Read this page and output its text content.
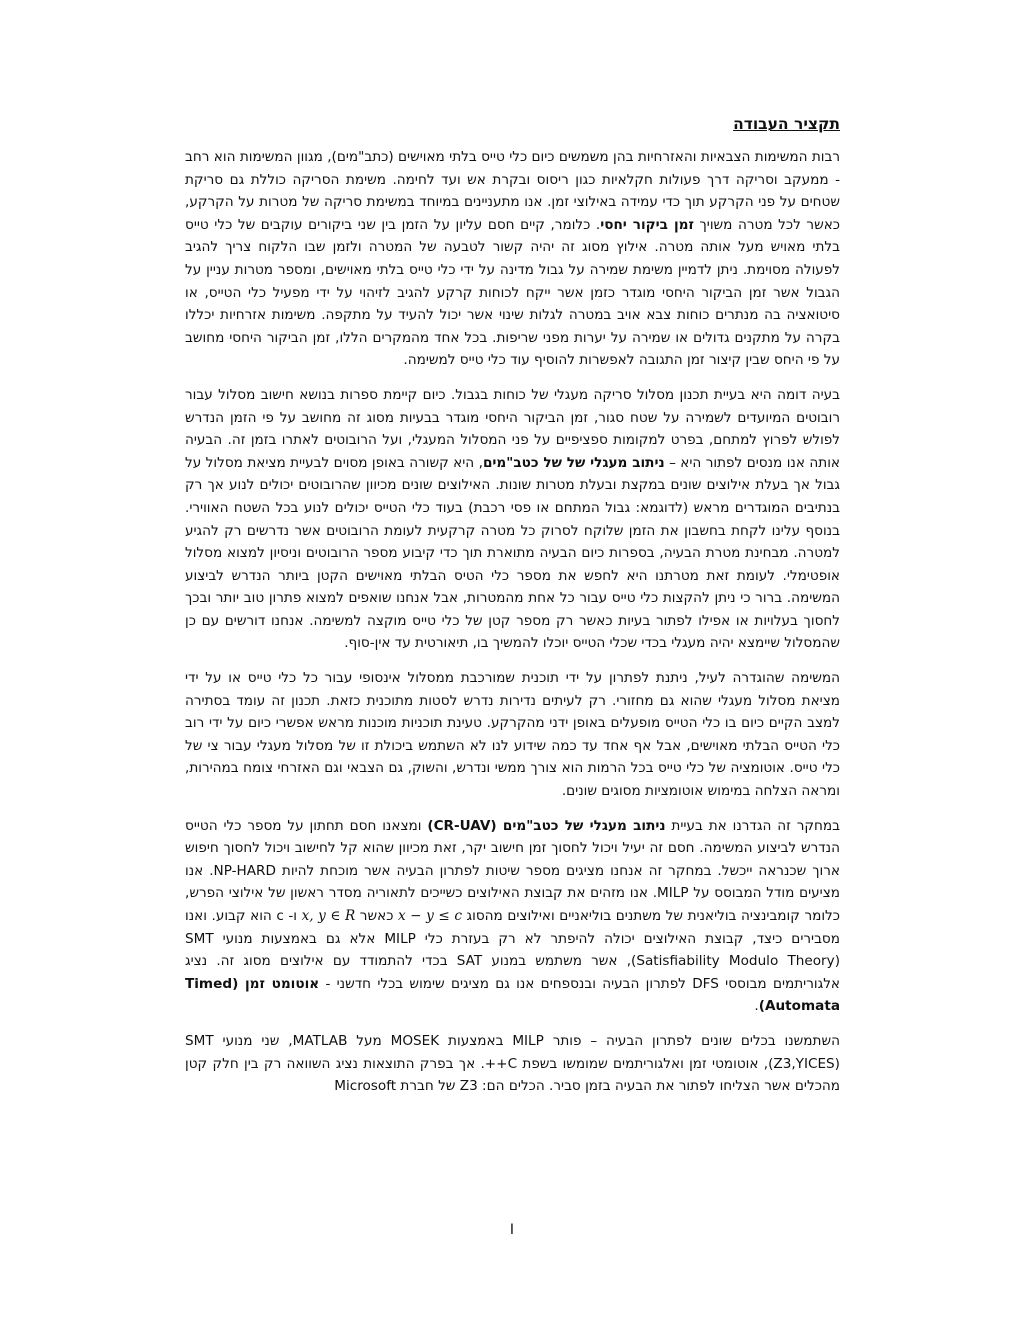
תקציר העבודה

רבות המשימות הצבאיות והאזרחיות בהן משמשים כיום כלי טייס בלתי מאוישים (כתב"מים), מגוון המשימות הוא רחב - ממעקב וסריקה דרך פעולות חקלאיות כגון ריסוס ובקרת אש ועד לחימה. משימת הסריקה כוללת גם סריקת שטחים על פני הקרקע תוך כדי עמידה באילוצי זמן. אנו מתעניינים במיוחד במשימת סריקה של מטרות על הקרקע, כאשר לכל מטרה משויך זמן ביקור יחסי. כלומר, קיים חסם עליון על הזמן בין שני ביקורים עוקבים של כלי טייס בלתי מאויש מעל אותה מטרה. אילוץ מסוג זה יהיה קשור לטבעה של המטרה ולזמן שבו הלקוח צריך להגיב לפעולה מסוימת. ניתן לדמיין משימת שמירה על גבול מדינה על ידי כלי טייס בלתי מאוישים, ומספר מטרות עניין על הגבול אשר זמן הביקור היחסי מוגדר כזמן אשר ייקח לכוחות קרקע להגיב לזיהוי על ידי מפעיל כלי הטייס, או סיטואציה בה מנתרים כוחות צבא אויב במטרה לגלות שינוי אשר יכול להעיד על מתקפה. משימות אזרחיות יכללו בקרה על מתקנים גדולים או שמירה על יערות מפני שריפות. בכל אחד מהמקרים הללו, זמן הביקור היחסי מחושב על פי היחס שבין קיצור זמן התגובה לאפשרות להוסיף עוד כלי טייס למשימה.

בעיה דומה היא בעיית תכנון מסלול סריקה מעגלי של כוחות בגבול. כיום קיימת ספרות בנושא חישוב מסלול עבור רובוטים המיועדים לשמירה על שטח סגור, זמן הביקור היחסי מוגדר בבעיות מסוג זה מחושב על פי הזמן הנדרש לפולש לפרוץ למתחם, בפרט למקומות ספציפיים על פני המסלול המעגלי, ועל הרובוטים לאתרו בזמן זה. הבעיה אותה אנו מנסים לפתור היא – ניתוב מעגלי של של כטב"מים, היא קשורה באופן מסוים לבעיית מציאת מסלול על גבול אך בעלת אילוצים שונים במקצת ובעלת מטרות שונות. האילוצים שונים מכיוון שהרובוטים יכולים לנוע אך רק בנתיבים המוגדרים מראש (לדוגמא: גבול המתחם או פסי רכבת) בעוד כלי הטייס יכולים לנוע בכל השטח האווירי. בנוסף עלינו לקחת בחשבון את הזמן שלוקח לסרוק כל מטרה קרקעית לעומת הרובוטים אשר נדרשים רק להגיע למטרה. מבחינת מטרת הבעיה, בספרות כיום הבעיה מתוארת תוך כדי קיבוע מספר הרובוטים וניסיון למצוא מסלול אופטימלי. לעומת זאת מטרתנו היא לחפש את מספר כלי הטיס הבלתי מאוישים הקטן ביותר הנדרש לביצוע המשימה. ברור כי ניתן להקצות כלי טייס עבור כל אחת מהמטרות, אבל אנחנו שואפים למצוא פתרון טוב יותר ובכך לחסוך בעלויות או אפילו לפתור בעיות כאשר רק מספר קטן של כלי טייס מוקצה למשימה. אנחנו דורשים עם כן שהמסלול שיימצא יהיה מעגלי בכדי שכלי הטייס יוכלו להמשיך בו, תיאורטית עד אין-סוף.

המשימה שהוגדרה לעיל, ניתנת לפתרון על ידי תוכנית שמורכבת ממסלול אינסופי עבור כל כלי טייס או על ידי מציאת מסלול מעגלי שהוא גם מחזורי. רק לעיתים נדירות נדרש לסטות מתוכנית כזאת. תכנון זה עומד בסתירה למצב הקיים כיום בו כלי הטייס מופעלים באופן ידני מהקרקע. טעינת תוכניות מוכנות מראש אפשרי כיום על ידי רוב כלי הטייס הבלתי מאוישים, אבל אף אחד עד כמה שידוע לנו לא השתמש ביכולת זו של מסלול מעגלי עבור צי של כלי טייס. אוטומציה של כלי טייס בכל הרמות הוא צורך ממשי ונדרש, והשוק, גם הצבאי וגם האזרחי צומח במהירות, ומראה הצלחה במימוש אוטומציות מסוגים שונים.

במחקר זה הגדרנו את בעיית ניתוב מעגלי של כטב"מים (CR-UAV) ומצאנו חסם תחתון על מספר כלי הטייס הנדרש לביצוע המשימה. חסם זה יעיל ויכול לחסוך זמן חישוב יקר, זאת מכיוון שהוא קל לחישוב ויכול לחסוך חיפוש ארוך שכנראה ייכשל. במחקר זה אנחנו מציגים מספר שיטות לפתרון הבעיה אשר מוכחת להיות NP-HARD. אנו מציעים מודל המבוסס על MILP. אנו מזהים את קבוצת האילוצים כשייכים לתאוריה מסדר ראשון של אילוצי הפרש, כלומר קומבינציה בוליאנית של משתנים בוליאניים ואילוצים מהסוג x − y ≤ c כאשר x, y ∈ R ו- c הוא קבוע. ואנו מסבירים כיצד, קבוצת האילוצים יכולה להיפתר לא רק בעזרת כלי MILP אלא גם באמצעות מנועי SMT (Satisfiability Modulo Theory), אשר משתמש במנוע SAT בכדי להתמודד עם אילוצים מסוג זה. נציג אלגוריתמים מבוססי DFS לפתרון הבעיה ובנספחים אנו גם מציגים שימוש בכלי חדשני - אוטומט זמן (Timed Automata).

השתמשנו בכלים שונים לפתרון הבעיה – פותר MILP באמצעות MOSEK מעל MATLAB, שני מנועי SMT (Z3,YICES), אוטומטי זמן ואלגוריתמים שמומשו בשפת C++. אך בפרק התוצאות נציג השוואה רק בין חלק קטן מהכלים אשר הצליחו לפתור את הבעיה בזמן סביר. הכלים הם: Z3 של חברת Microsoft

I
